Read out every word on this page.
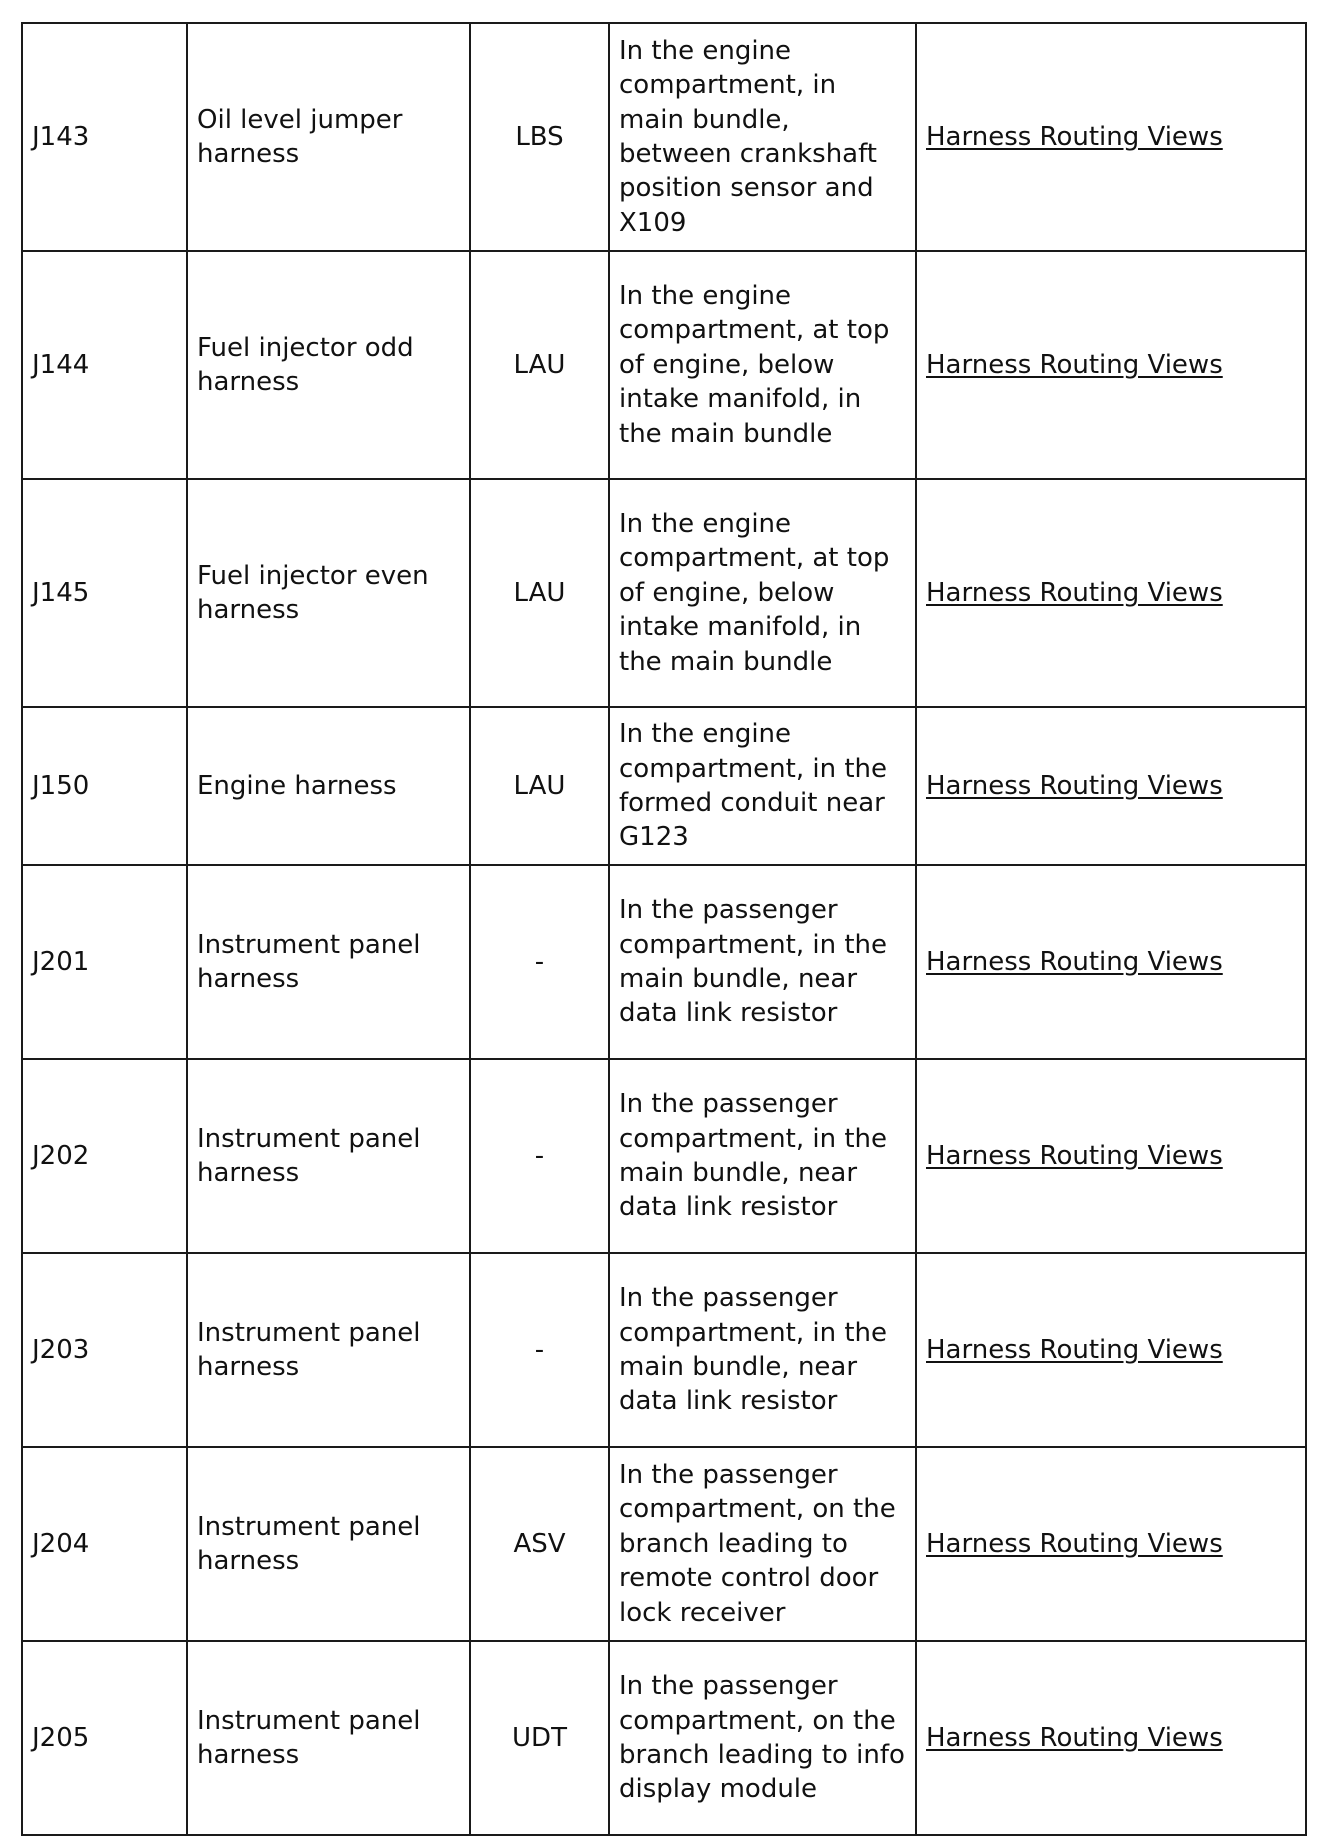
J143	Oil level jumper harness	LBS	In the engine compartment, in main bundle, between crankshaft position sensor and X109	Harness Routing Views
J144	Fuel injector odd harness	LAU	In the engine compartment, at top of engine, below intake manifold, in the main bundle	Harness Routing Views
J145	Fuel injector even harness	LAU	In the engine compartment, at top of engine, below intake manifold, in the main bundle	Harness Routing Views
J150	Engine harness	LAU	In the engine compartment, in the formed conduit near G123	Harness Routing Views
J201	Instrument panel harness	-	In the passenger compartment, in the main bundle, near data link resistor	Harness Routing Views
J202	Instrument panel harness	-	In the passenger compartment, in the main bundle, near data link resistor	Harness Routing Views
J203	Instrument panel harness	-	In the passenger compartment, in the main bundle, near data link resistor	Harness Routing Views
J204	Instrument panel harness	ASV	In the passenger compartment, on the branch leading to remote control door lock receiver	Harness Routing Views
J205	Instrument panel harness	UDT	In the passenger compartment, on the branch leading to info display module	Harness Routing Views
